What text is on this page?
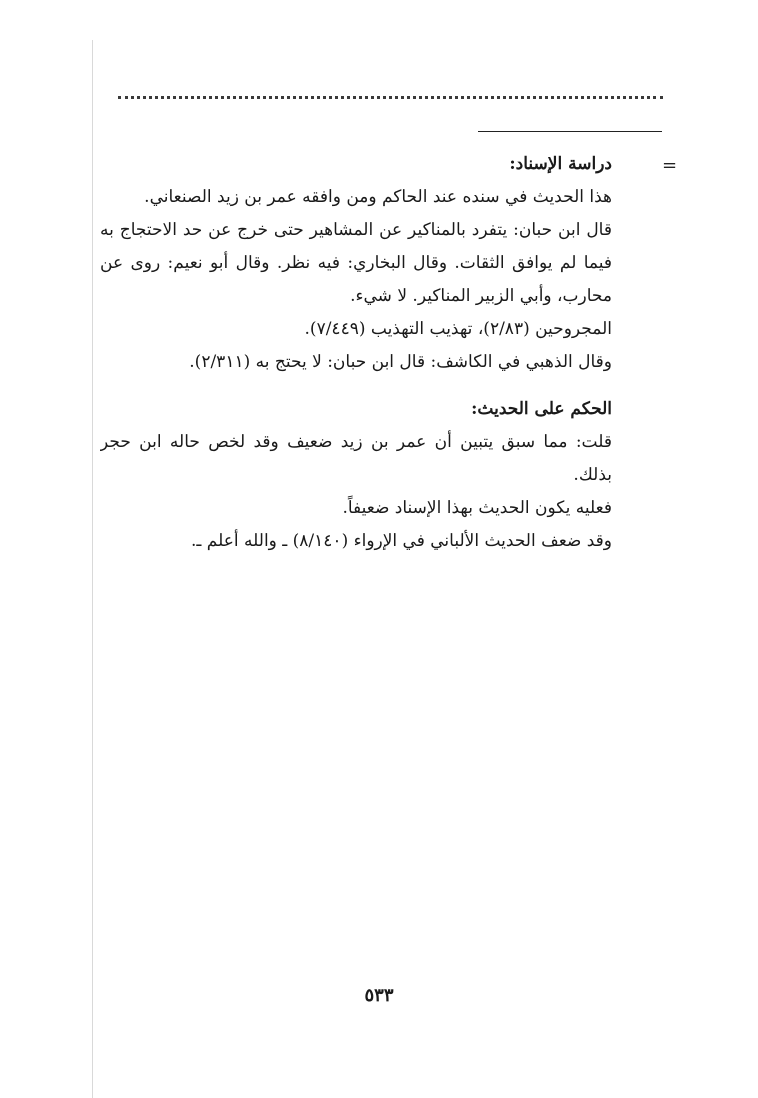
=
دراسة الإسناد:
هذا الحديث في سنده عند الحاكم ومن وافقه عمر بن زيد الصنعاني.
قال ابن حبان: يتفرد بالمناكير عن المشاهير حتى خرج عن حد الاحتجاج به
فيما لم يوافق الثقات. وقال البخاري: فيه نظر. وقال أبو نعيم: روى عن
محارب، وأبي الزبير المناكير. لا شيء.
المجروحين (٢/٨٣)، تهذيب التهذيب (٧/٤٤٩).
وقال الذهبي في الكاشف: قال ابن حبان: لا يحتج به (٢/٣١١).
الحكم على الحديث:
قلت: مما سبق يتبين أن عمر بن زيد ضعيف وقد لخص حاله ابن حجر
بذلك.
فعليه يكون الحديث بهذا الإسناد ضعيفاً.
وقد ضعف الحديث الألباني في الإرواء (٨/١٤٠) ـ والله أعلم ـ.
٥٣٣
